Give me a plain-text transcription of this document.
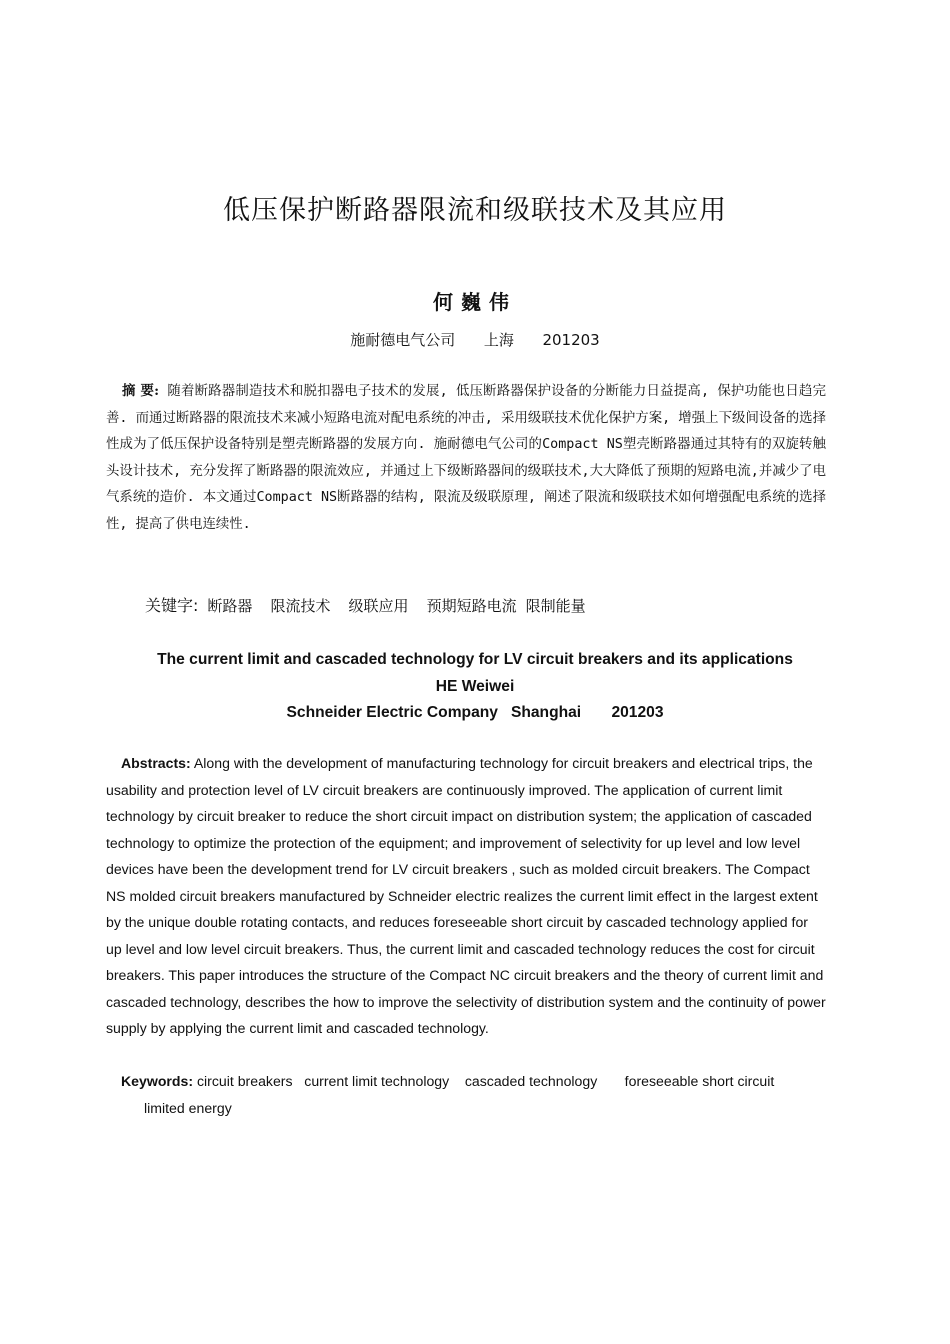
低压保护断路器限流和级联技术及其应用
何巍伟
施耐德电气公司      上海      201203

摘 要: 随着断路器制造技术和脱扣器电子技术的发展, 低压断路器保护设备的分断能力日益提高, 保护功能也日趋完善. 而通过断路器的限流技术来减小短路电流对配电系统的冲击, 采用级联技术优化保护方案, 增强上下级间设备的选择性成为了低压保护设备特别是塑壳断路器的发展方向. 施耐德电气公司的Compact NS塑壳断路器通过其特有的双旋转触头设计技术, 充分发挥了断路器的限流效应, 并通过上下级断路器间的级联技术,大大降低了预期的短路电流,并减少了电气系统的造价. 本文通过Compact NS断路器的结构, 限流及级联原理, 阐述了限流和级联技术如何增强配电系统的选择性, 提高了供电连续性.

关键字: 断路器  限流技术  级联应用  预期短路电流 限制能量
The current limit and cascaded technology for LV circuit breakers and its applications
HE Weiwei
Schneider Electric Company   Shanghai       201203

Abstracts: Along with the development of manufacturing technology for circuit breakers and electrical trips, the usability and protection level of LV circuit breakers are continuously improved. The application of current limit technology by circuit breaker to reduce the short circuit impact on distribution system; the application of cascaded technology to optimize the protection of the equipment; and improvement of selectivity for up level and low level devices have been the development trend for LV circuit breakers , such as molded circuit breakers. The Compact NS molded circuit breakers manufactured by Schneider electric realizes the current limit effect in the largest extent by the unique double rotating contacts, and reduces foreseeable short circuit by cascaded technology applied for up level and low level circuit breakers. Thus, the current limit and cascaded technology reduces the cost for circuit breakers. This paper introduces the structure of the Compact NC circuit breakers and the theory of current limit and cascaded technology, describes the how to improve the selectivity of distribution system and the continuity of power supply by applying the current limit and cascaded technology.

Keywords: circuit breakers   current limit technology    cascaded technology       foreseeable short circuit
limited energy
